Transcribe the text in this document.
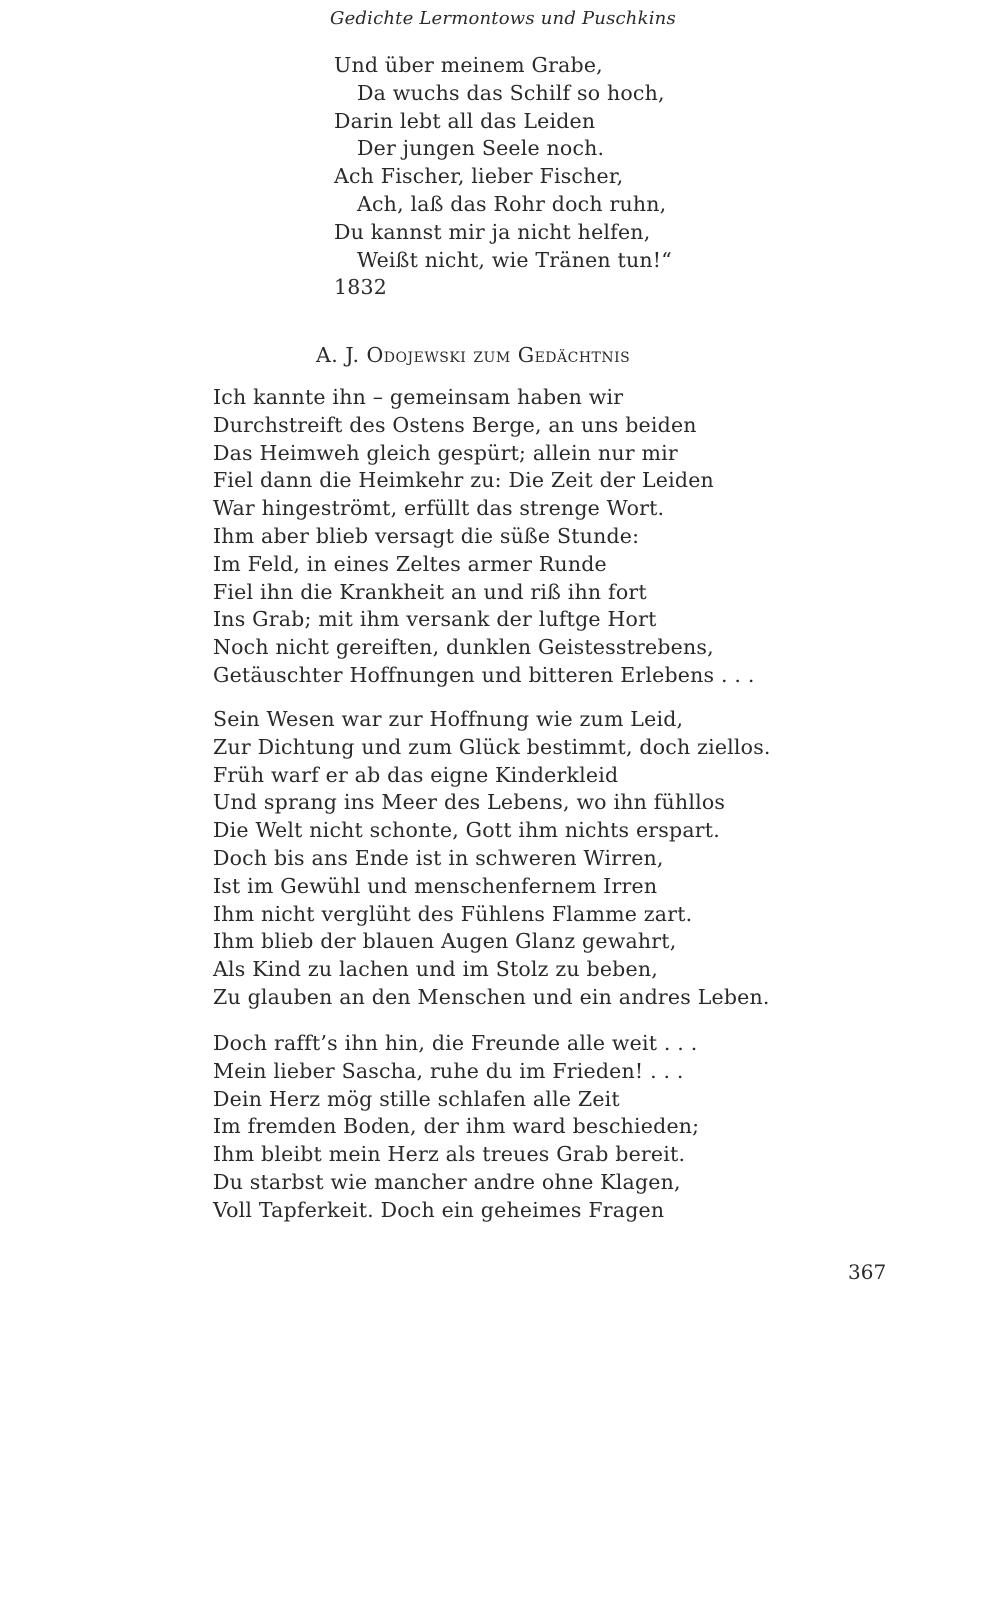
Gedichte Lermontows und Puschkins
Und über meinem Grabe,
Da wuchs das Schilf so hoch,
Darin lebt all das Leiden
Der jungen Seele noch.
Ach Fischer, lieber Fischer,
Ach, laß das Rohr doch ruhn,
Du kannst mir ja nicht helfen,
Weißt nicht, wie Tränen tun!“
1832
A. J. Odojewski zum Gedächtnis
Ich kannte ihn – gemeinsam haben wir
Durchstreift des Ostens Berge, an uns beiden
Das Heimweh gleich gespürt; allein nur mir
Fiel dann die Heimkehr zu: Die Zeit der Leiden
War hingeströmt, erfüllt das strenge Wort.
Ihm aber blieb versagt die süße Stunde:
Im Feld, in eines Zeltes armer Runde
Fiel ihn die Krankheit an und riß ihn fort
Ins Grab; mit ihm versank der luftge Hort
Noch nicht gereiften, dunklen Geistesstrebens,
Getäuschter Hoffnungen und bitteren Erlebens . . .
Sein Wesen war zur Hoffnung wie zum Leid,
Zur Dichtung und zum Glück bestimmt, doch ziellos.
Früh warf er ab das eigne Kinderkleid
Und sprang ins Meer des Lebens, wo ihn fühllos
Die Welt nicht schonte, Gott ihm nichts erspart.
Doch bis ans Ende ist in schweren Wirren,
Ist im Gewühl und menschenfernem Irren
Ihm nicht verglüht des Fühlens Flamme zart.
Ihm blieb der blauen Augen Glanz gewahrt,
Als Kind zu lachen und im Stolz zu beben,
Zu glauben an den Menschen und ein andres Leben.
Doch rafft’s ihn hin, die Freunde alle weit . . .
Mein lieber Sascha, ruhe du im Frieden! . . .
Dein Herz mög stille schlafen alle Zeit
Im fremden Boden, der ihm ward beschieden;
Ihm bleibt mein Herz als treues Grab bereit.
Du starbst wie mancher andre ohne Klagen,
Voll Tapferkeit. Doch ein geheimes Fragen
367
